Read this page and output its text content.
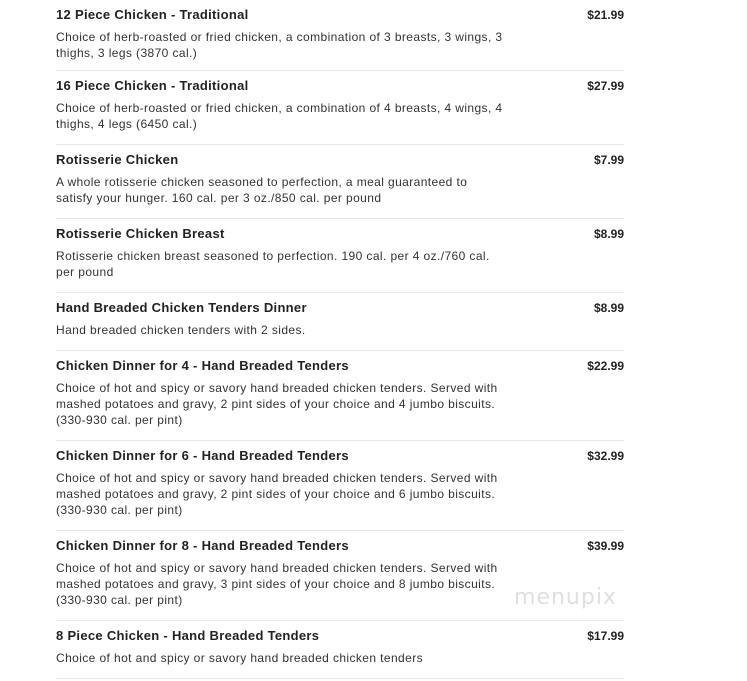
12 Piece Chicken - Traditional	$21.99
Choice of herb-roasted or fried chicken, a combination of 3 breasts, 3 wings, 3 thighs, 3 legs (3870 cal.)
16 Piece Chicken - Traditional	$27.99
Choice of herb-roasted or fried chicken, a combination of 4 breasts, 4 wings, 4 thighs, 4 legs (6450 cal.)
Rotisserie Chicken	$7.99
A whole rotisserie chicken seasoned to perfection, a meal guaranteed to satisfy your hunger. 160 cal. per 3 oz./850 cal. per pound
Rotisserie Chicken Breast	$8.99
Rotisserie chicken breast seasoned to perfection. 190 cal. per 4 oz./760 cal. per pound
Hand Breaded Chicken Tenders Dinner	$8.99
Hand breaded chicken tenders with 2 sides.
Chicken Dinner for 4 - Hand Breaded Tenders	$22.99
Choice of hot and spicy or savory hand breaded chicken tenders. Served with mashed potatoes and gravy, 2 pint sides of your choice and 4 jumbo biscuits. (330-930 cal. per pint)
Chicken Dinner for 6 - Hand Breaded Tenders	$32.99
Choice of hot and spicy or savory hand breaded chicken tenders. Served with mashed potatoes and gravy, 2 pint sides of your choice and 6 jumbo biscuits. (330-930 cal. per pint)
Chicken Dinner for 8 - Hand Breaded Tenders	$39.99
Choice of hot and spicy or savory hand breaded chicken tenders. Served with mashed potatoes and gravy, 3 pint sides of your choice and 8 jumbo biscuits. (330-930 cal. per pint)
8 Piece Chicken - Hand Breaded Tenders	$17.99
Choice of hot and spicy or savory hand breaded chicken tenders
menupix
